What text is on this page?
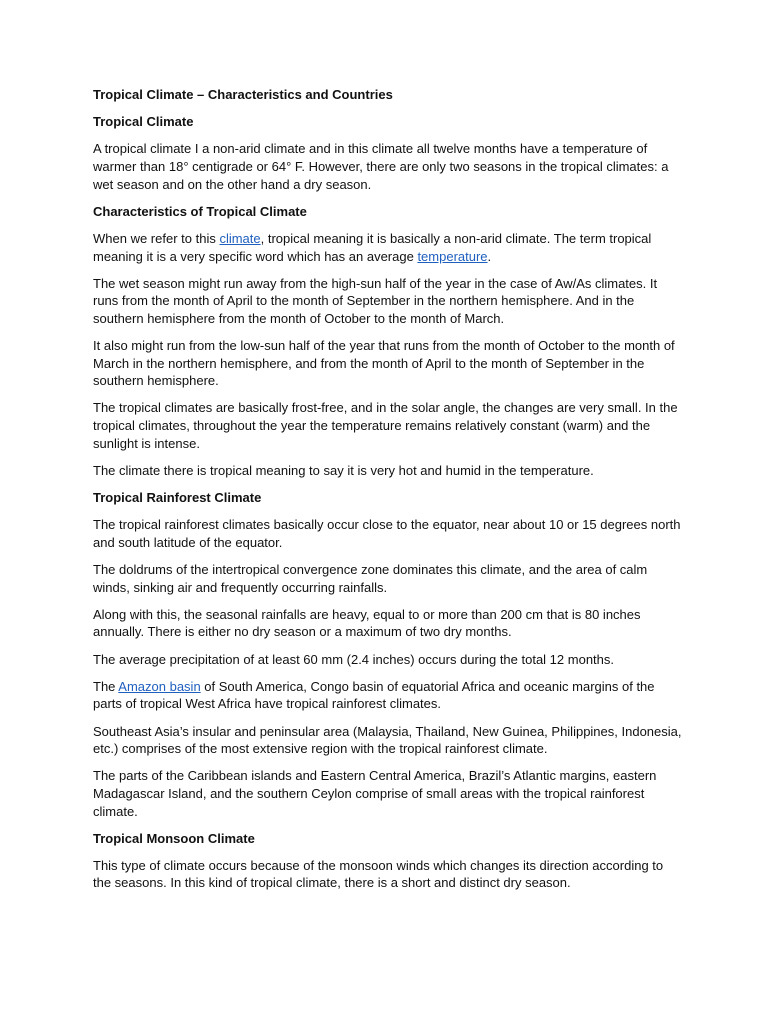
Tropical Climate – Characteristics and Countries

Tropical Climate

A tropical climate I a non-arid climate and in this climate all twelve months have a temperature of warmer than 18° centigrade or 64° F. However, there are only two seasons in the tropical climates: a wet season and on the other hand a dry season.

Characteristics of Tropical Climate

When we refer to this climate, tropical meaning it is basically a non-arid climate. The term tropical meaning it is a very specific word which has an average temperature.

The wet season might run away from the high-sun half of the year in the case of Aw/As climates. It runs from the month of April to the month of September in the northern hemisphere. And in the southern hemisphere from the month of October to the month of March.

It also might run from the low-sun half of the year that runs from the month of October to the month of March in the northern hemisphere, and from the month of April to the month of September in the southern hemisphere.

The tropical climates are basically frost-free, and in the solar angle, the changes are very small. In the tropical climates, throughout the year the temperature remains relatively constant (warm) and the sunlight is intense.

The climate there is tropical meaning to say it is very hot and humid in the temperature.

Tropical Rainforest Climate

The tropical rainforest climates basically occur close to the equator, near about 10 or 15 degrees north and south latitude of the equator.

The doldrums of the intertropical convergence zone dominates this climate, and the area of calm winds, sinking air and frequently occurring rainfalls.

Along with this, the seasonal rainfalls are heavy, equal to or more than 200 cm that is 80 inches annually. There is either no dry season or a maximum of two dry months.

The average precipitation of at least 60 mm (2.4 inches) occurs during the total 12 months.

The Amazon basin of South America, Congo basin of equatorial Africa and oceanic margins of the parts of tropical West Africa have tropical rainforest climates.

Southeast Asia’s insular and peninsular area (Malaysia, Thailand, New Guinea, Philippines, Indonesia, etc.) comprises of the most extensive region with the tropical rainforest climate.

The parts of the Caribbean islands and Eastern Central America, Brazil’s Atlantic margins, eastern Madagascar Island, and the southern Ceylon comprise of small areas with the tropical rainforest climate.

Tropical Monsoon Climate

This type of climate occurs because of the monsoon winds which changes its direction according to the seasons. In this kind of tropical climate, there is a short and distinct dry season.
